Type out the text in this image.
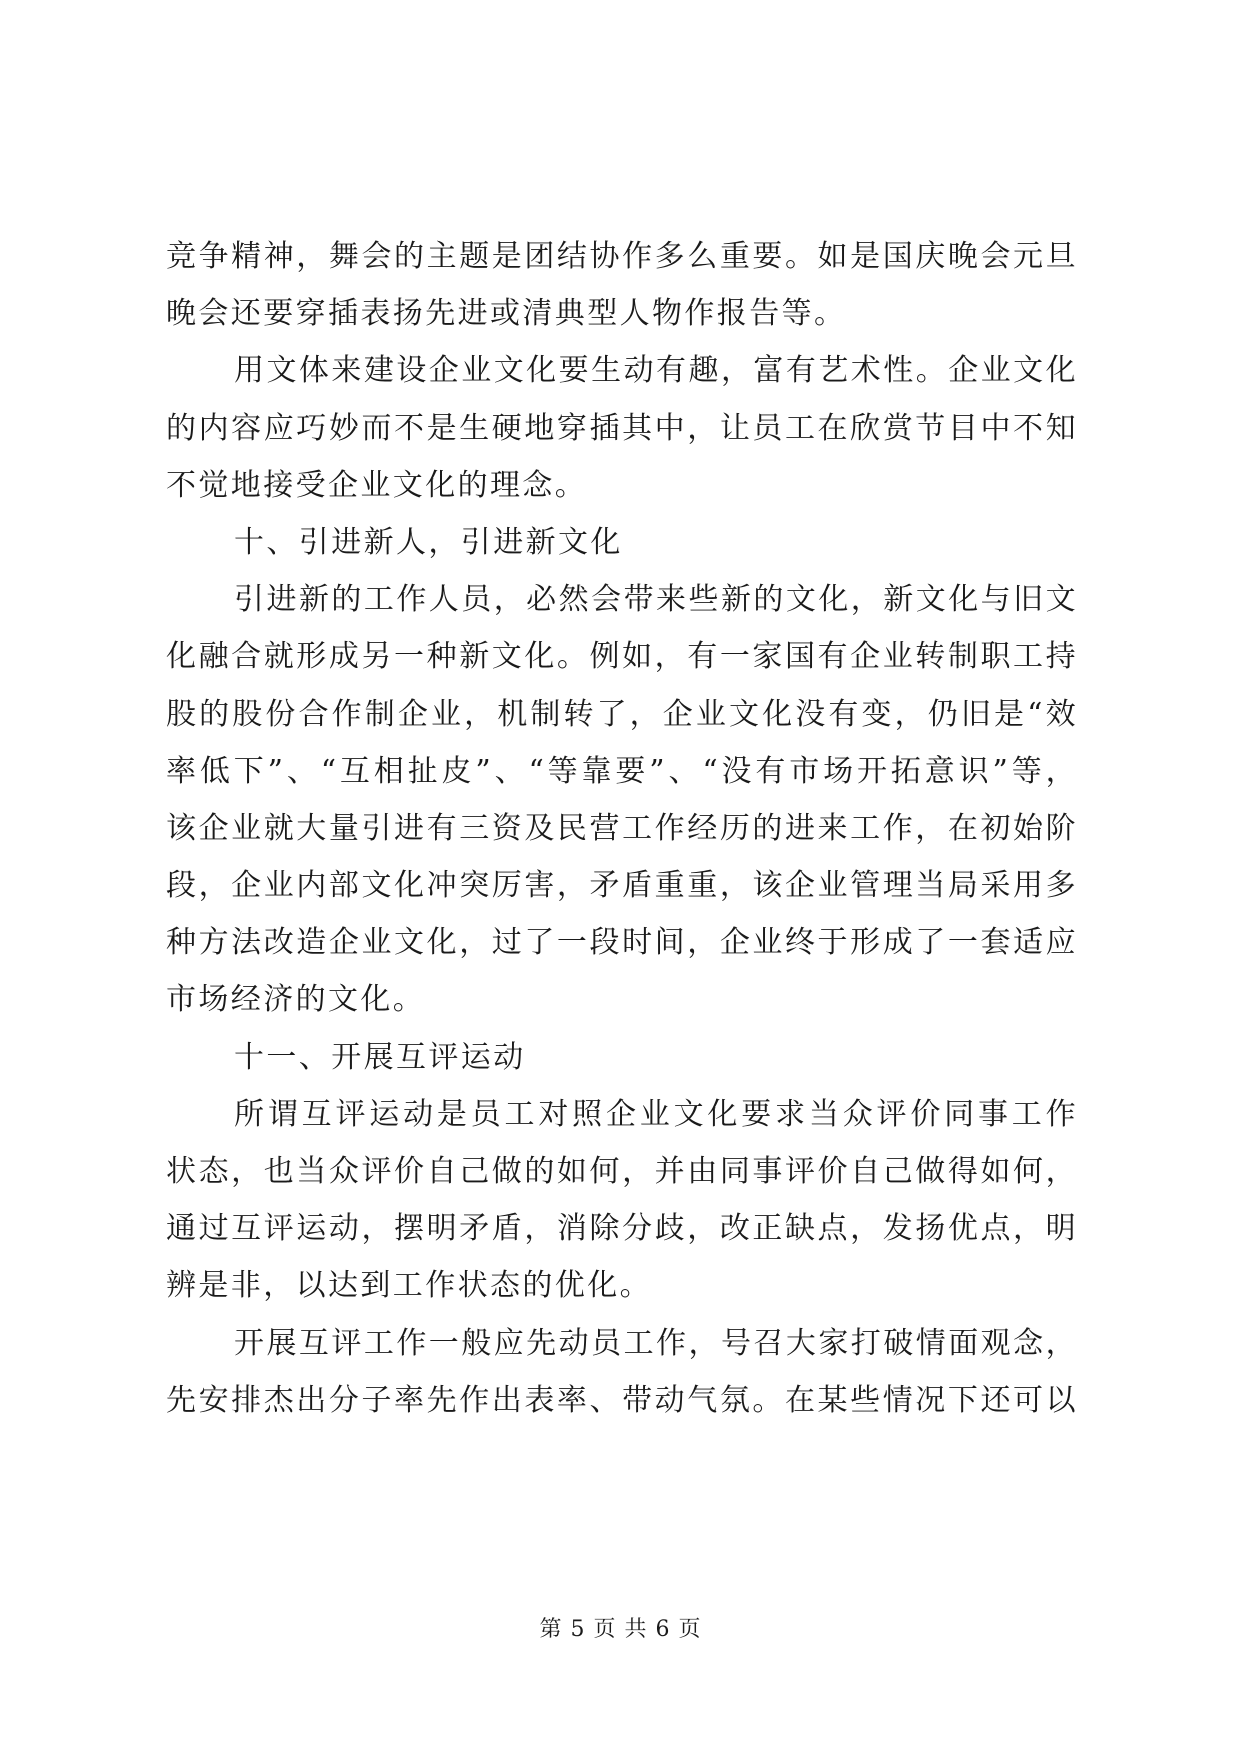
竞争精神，舞会的主题是团结协作多么重要。如是国庆晚会元旦
晚会还要穿插表扬先进或清典型人物作报告等。
用文体来建设企业文化要生动有趣，富有艺术性。企业文化
的内容应巧妙而不是生硬地穿插其中，让员工在欣赏节目中不知
不觉地接受企业文化的理念。
十、引进新人，引进新文化
引进新的工作人员，必然会带来些新的文化，新文化与旧文
化融合就形成另一种新文化。例如，有一家国有企业转制职工持
股的股份合作制企业，机制转了，企业文化没有变，仍旧是“效
率低下”、“互相扯皮”、“等靠要”、“没有市场开拓意识”等，
该企业就大量引进有三资及民营工作经历的进来工作，在初始阶
段，企业内部文化冲突厉害，矛盾重重，该企业管理当局采用多
种方法改造企业文化，过了一段时间，企业终于形成了一套适应
市场经济的文化。
十一、开展互评运动
所谓互评运动是员工对照企业文化要求当众评价同事工作
状态，也当众评价自己做的如何，并由同事评价自己做得如何，
通过互评运动，摆明矛盾，消除分歧，改正缺点，发扬优点，明
辨是非，以达到工作状态的优化。
开展互评工作一般应先动员工作，号召大家打破情面观念，
先安排杰出分子率先作出表率、带动气氛。在某些情况下还可以
第 5 页 共 6 页
